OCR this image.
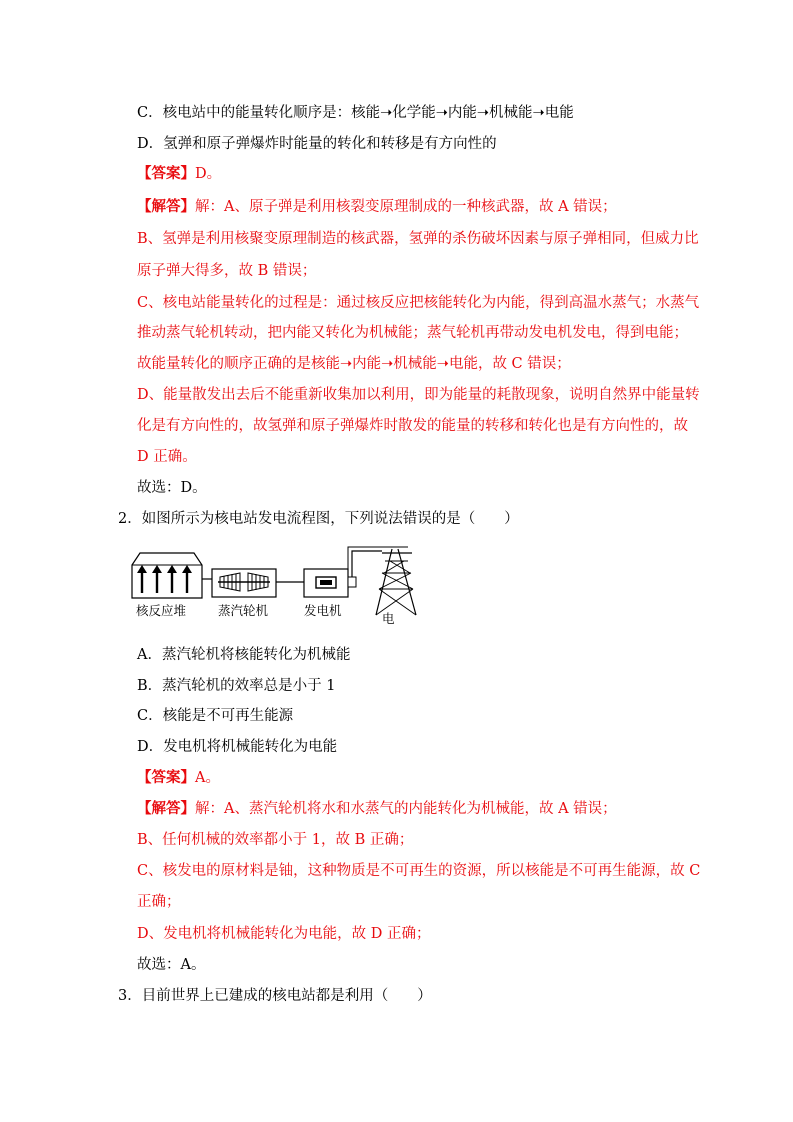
C．核电站中的能量转化顺序是：核能➝化学能➝内能➝机械能➝电能
D．氢弹和原子弹爆炸时能量的转化和转移是有方向性的
【答案】D。
【解答】解：A、原子弹是利用核裂变原理制成的一种核武器，故 A 错误；
B、氢弹是利用核聚变原理制造的核武器，氢弹的杀伤破坏因素与原子弹相同，但威力比
原子弹大得多，故 B 错误；
C、核电站能量转化的过程是：通过核反应把核能转化为内能，得到高温水蒸气；水蒸气
推动蒸气轮机转动，把内能又转化为机械能；蒸气轮机再带动发电机发电，得到电能；
故能量转化的顺序正确的是核能➝内能➝机械能➝电能，故 C 错误；
D、能量散发出去后不能重新收集加以利用，即为能量的耗散现象，说明自然界中能量转
化是有方向性的，故氢弹和原子弹爆炸时散发的能量的转移和转化也是有方向性的，故
D 正确。
故选：D。
2．如图所示为核电站发电流程图，下列说法错误的是（　　）
核反应堆	蒸汽轮机	发电机
电
A．蒸汽轮机将核能转化为机械能
B．蒸汽轮机的效率总是小于 1
C．核能是不可再生能源
D．发电机将机械能转化为电能
【答案】A。
【解答】解：A、蒸汽轮机将水和水蒸气的内能转化为机械能，故 A 错误；
B、任何机械的效率都小于 1，故 B 正确；
C、核发电的原材料是铀，这种物质是不可再生的资源，所以核能是不可再生能源，故 C
正确；
D、发电机将机械能转化为电能，故 D 正确；
故选：A。
3．目前世界上已建成的核电站都是利用（　　）
